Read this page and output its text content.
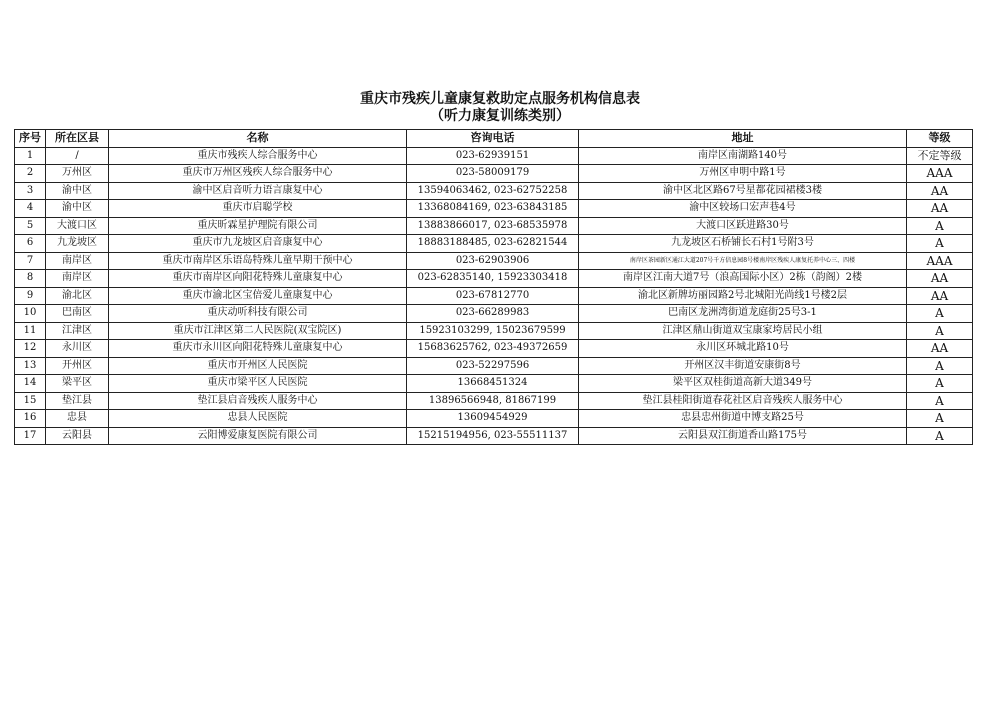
重庆市残疾儿童康复救助定点服务机构信息表
（听力康复训练类别）
序号	所在区县	名称	咨询电话	地址	等级
1	/	重庆市残疾人综合服务中心	023-62939151	南岸区南湖路140号	不定等级
2	万州区	重庆市万州区残疾人综合服务中心	023-58009179	万州区申明中路1号	AAA
3	渝中区	渝中区启音听力语言康复中心	13594063462, 023-62752258	渝中区北区路67号星都花园裙楼3楼	AA
4	渝中区	重庆市启聪学校	13368084169, 023-63843185	渝中区较场口宏声巷4号	AA
5	大渡口区	重庆昕霖星护理院有限公司	13883866017, 023-68535978	大渡口区跃进路30号	A
6	九龙坡区	重庆市九龙坡区启音康复中心	18883188485, 023-62821544	九龙坡区石桥铺长石村1号附3号	A
7	南岸区	重庆市南岸区乐语岛特殊儿童早期干预中心	023-62903906	南岸区茶园新区通江大道207号千方信息园8号楼南岸区残疾人康复托养中心三、四楼	AAA
8	南岸区	重庆市南岸区向阳花特殊儿童康复中心	023-62835140, 15923303418	南岸区江南大道7号（浪高国际小区）2栋（韵阁）2楼	AA
9	渝北区	重庆市渝北区宝倍爱儿童康复中心	023-67812770	渝北区新牌坊丽园路2号北城阳光尚线1号楼2层	AA
10	巴南区	重庆动听科技有限公司	023-66289983	巴南区龙洲湾街道龙庭街25号3-1	A
11	江津区	重庆市江津区第二人民医院(双宝院区)	15923103299, 15023679599	江津区鼎山街道双宝康家垮居民小组	A
12	永川区	重庆市永川区向阳花特殊儿童康复中心	15683625762, 023-49372659	永川区环城北路10号	AA
13	开州区	重庆市开州区人民医院	023-52297596	开州区汉丰街道安康街8号	A
14	梁平区	重庆市梁平区人民医院	13668451324	梁平区双桂街道高新大道349号	A
15	垫江县	垫江县启音残疾人服务中心	13896566948, 81867199	垫江县桂阳街道春花社区启音残疾人服务中心	A
16	忠县	忠县人民医院	13609454929	忠县忠州街道中博支路25号	A
17	云阳县	云阳博爱康复医院有限公司	15215194956, 023-55511137	云阳县双江街道香山路175号	A
